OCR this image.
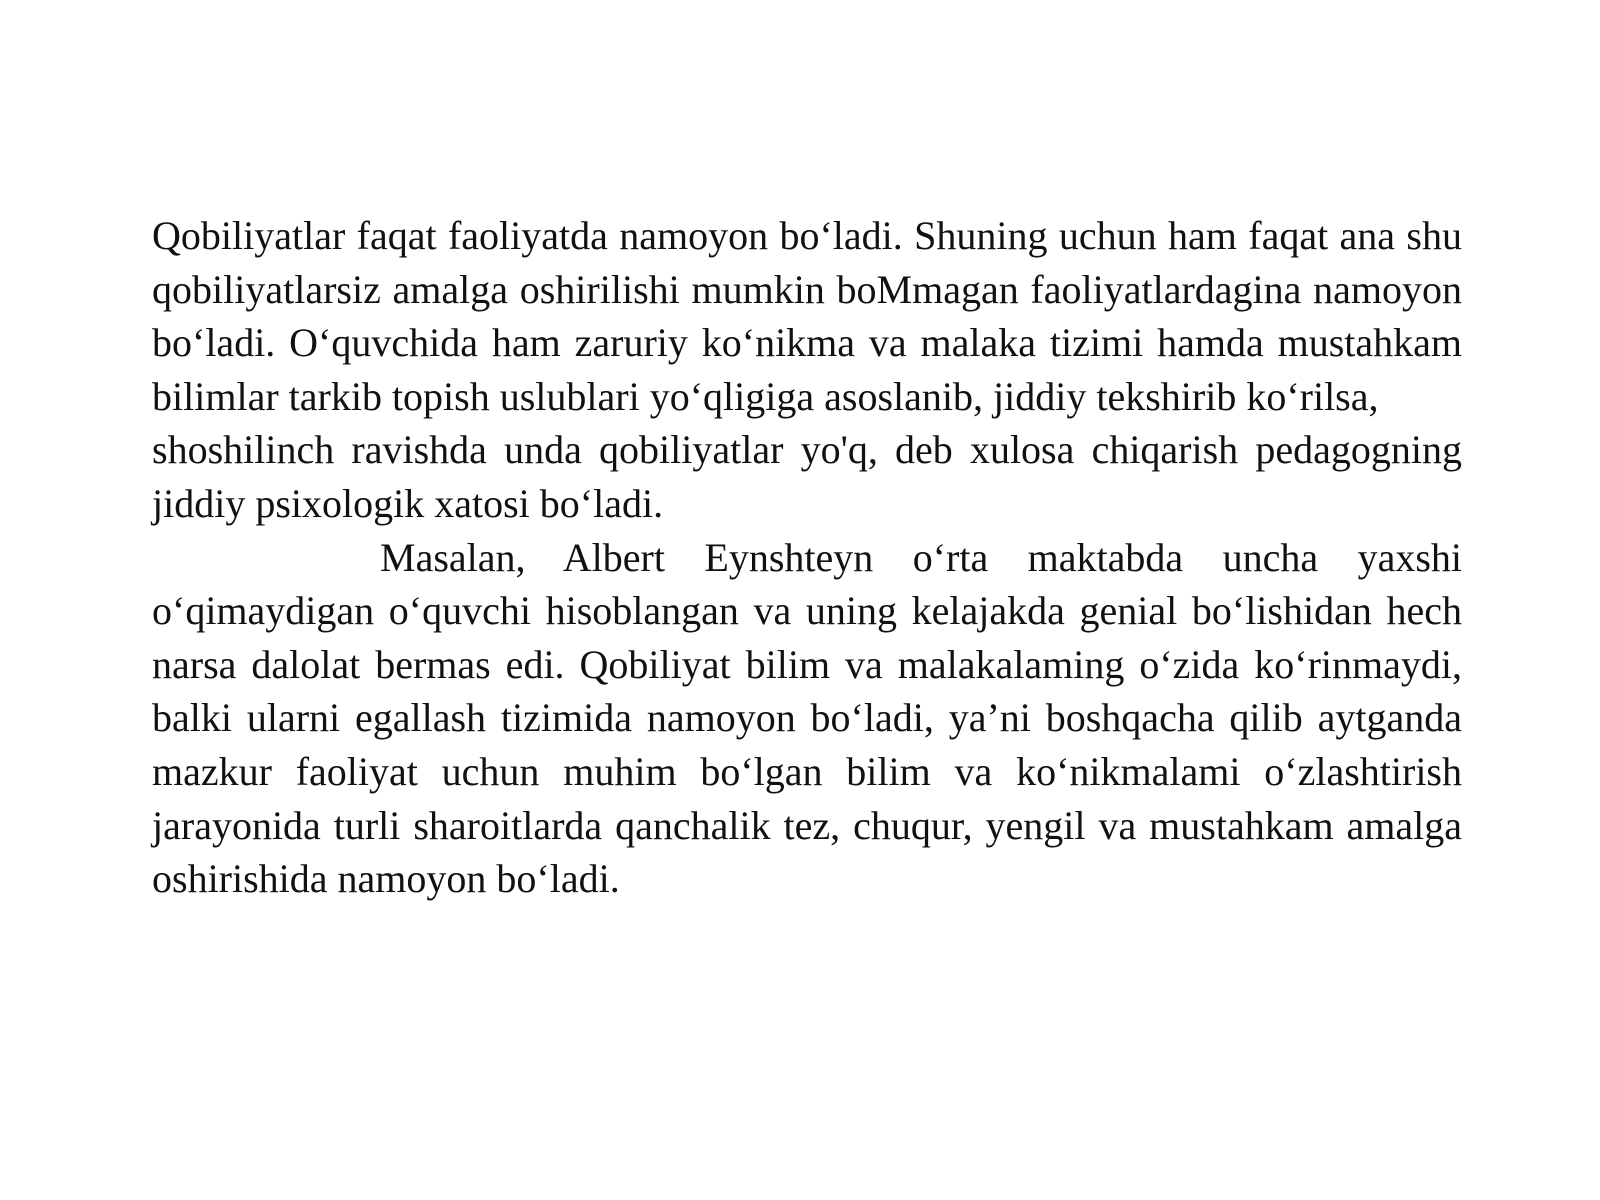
Qobiliyatlar faqat faoliyatda namoyon bo‘ladi. Shuning uchun ham faqat ana shu qobiliyatlarsiz amalga oshirilishi mumkin boMmagan faoliyatlardagina namoyon bo‘ladi. O‘quvchida ham zaruriy ko‘nikma va malaka tizimi hamda mustahkam bilimlar tarkib topish uslublari yo‘qligiga asoslanib, jiddiy tekshirib ko‘rilsa,

shoshilinch ravishda unda qobiliyatlar yo'q, deb xulosa chiqarish pedagogning jiddiy psixologik xatosi bo‘ladi.

Masalan, Albert Eynshteyn o‘rta maktabda uncha yaxshi o‘qimaydigan o‘quvchi hisoblangan va uning kelajakda genial bo‘lishidan hech narsa dalolat bermas edi. Qobiliyat bilim va malakalaming o‘zida ko‘rinmaydi, balki ularni egallash tizimida namoyon bo‘ladi, ya’ni boshqacha qilib aytganda mazkur faoliyat uchun muhim bo‘lgan bilim va ko‘nikmalami o‘zlashtirish jarayonida turli sharoitlarda qanchalik tez, chuqur, yengil va mustahkam amalga oshirishida namoyon bo‘ladi.
